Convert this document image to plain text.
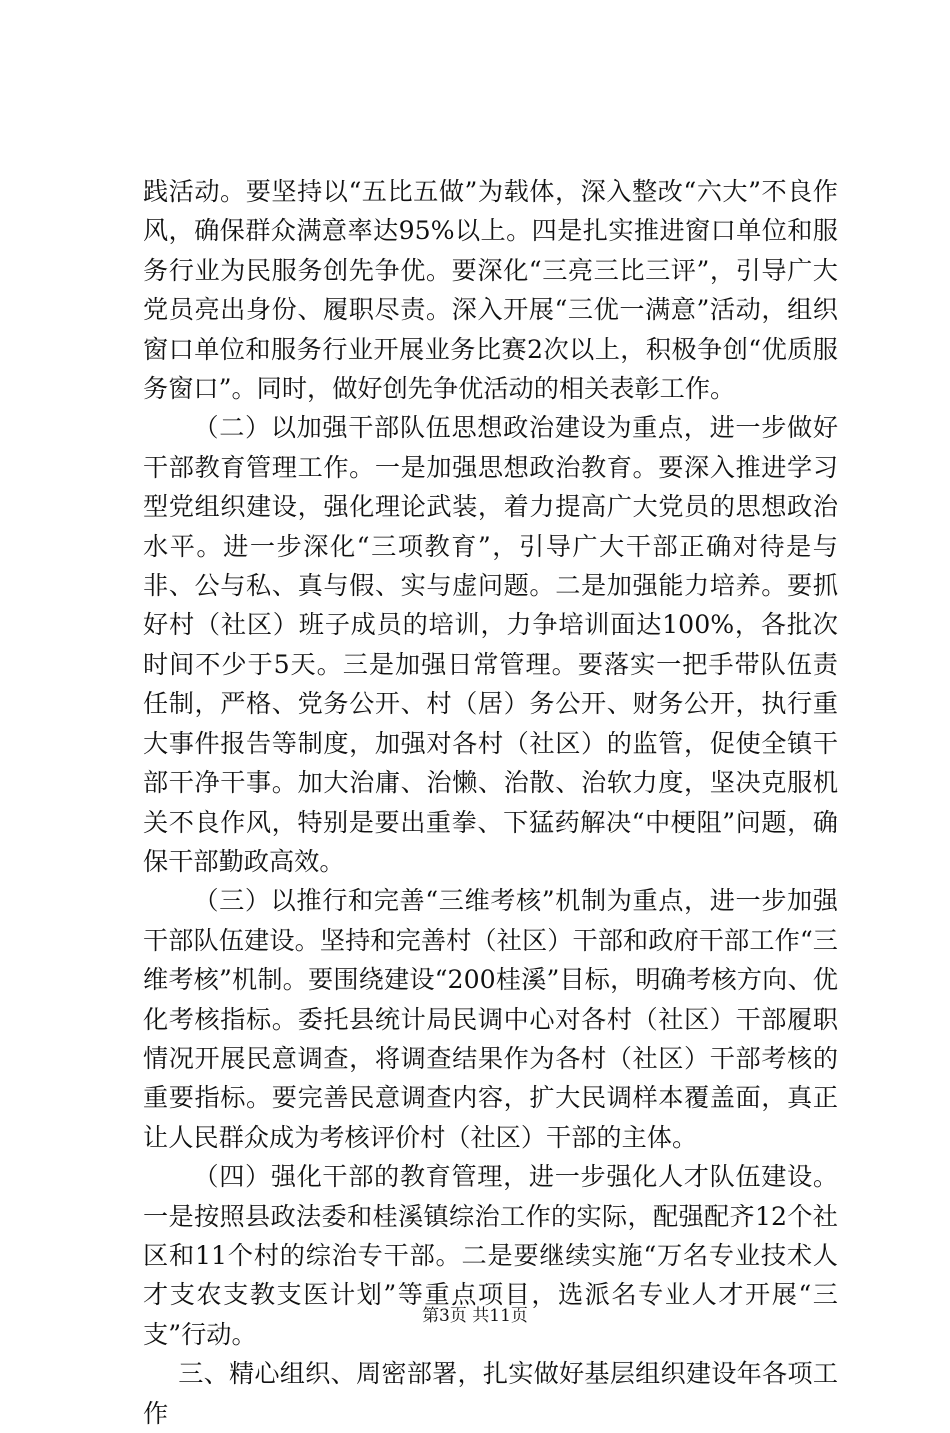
践活动。要坚持以“五比五做”为载体，深入整改“六大”不良作风，确保群众满意率达95%以上。四是扎实推进窗口单位和服务行业为民服务创先争优。要深化“三亮三比三评”，引导广大党员亮出身份、履职尽责。深入开展“三优一满意”活动，组织窗口单位和服务行业开展业务比赛2次以上，积极争创“优质服务窗口”。同时，做好创先争优活动的相关表彰工作。

（二）以加强干部队伍思想政治建设为重点，进一步做好干部教育管理工作。一是加强思想政治教育。要深入推进学习型党组织建设，强化理论武装，着力提高广大党员的思想政治水平。进一步深化“三项教育”，引导广大干部正确对待是与非、公与私、真与假、实与虚问题。二是加强能力培养。要抓好村（社区）班子成员的培训，力争培训面达100%，各批次时间不少于5天。三是加强日常管理。要落实一把手带队伍责任制，严格、党务公开、村（居）务公开、财务公开，执行重大事件报告等制度，加强对各村（社区）的监管，促使全镇干部干净干事。加大治庸、治懒、治散、治软力度，坚决克服机关不良作风，特别是要出重拳、下猛药解决“中梗阻”问题，确保干部勤政高效。

（三）以推行和完善“三维考核”机制为重点，进一步加强干部队伍建设。坚持和完善村（社区）干部和政府干部工作“三维考核”机制。要围绕建设“200桂溪”目标，明确考核方向、优化考核指标。委托县统计局民调中心对各村（社区）干部履职情况开展民意调查，将调查结果作为各村（社区）干部考核的重要指标。要完善民意调查内容，扩大民调样本覆盖面，真正让人民群众成为考核评价村（社区）干部的主体。

（四）强化干部的教育管理，进一步强化人才队伍建设。一是按照县政法委和桂溪镇综治工作的实际，配强配齐12个社区和11个村的综治专干部。二是要继续实施“万名专业技术人才支农支教支医计划”等重点项目，选派名专业人才开展“三支”行动。

三、精心组织、周密部署，扎实做好基层组织建设年各项工作

第3页 共11页
